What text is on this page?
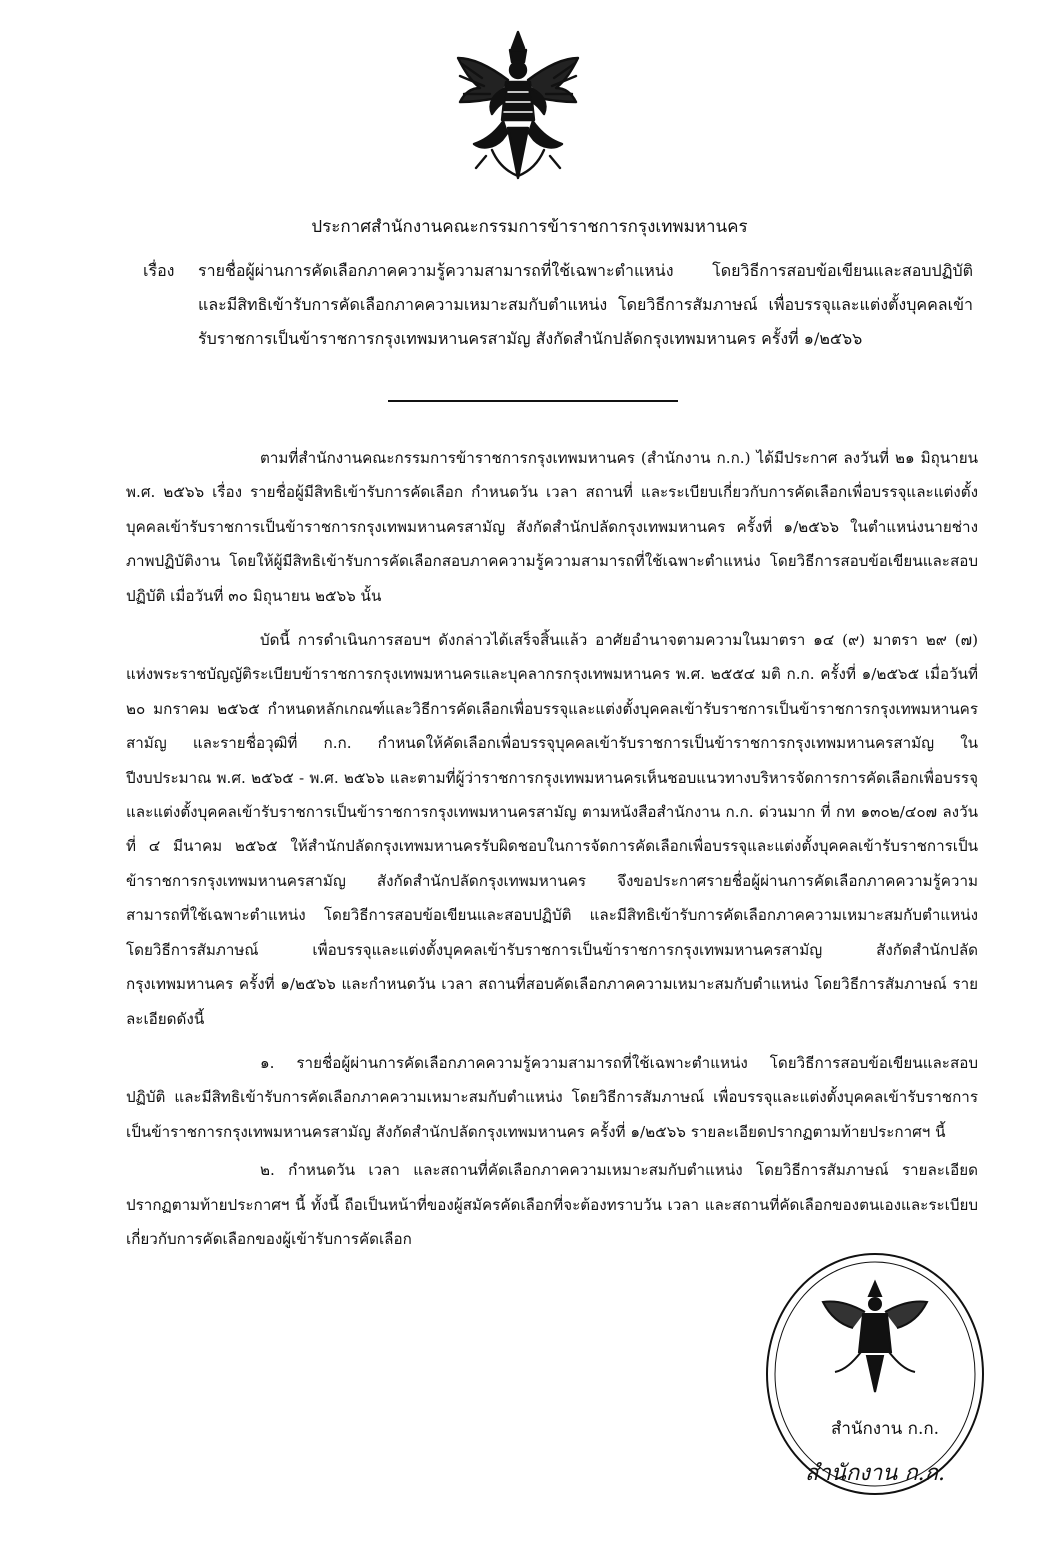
ประกาศสำนักงานคณะกรรมการข้าราชการกรุงเทพมหานคร
เรื่อง	รายชื่อผู้ผ่านการคัดเลือกภาคความรู้ความสามารถที่ใช้เฉพาะตำแหน่ง โดยวิธีการสอบข้อเขียนและสอบปฏิบัติ และมีสิทธิเข้ารับการคัดเลือกภาคความเหมาะสมกับตำแหน่ง โดยวิธีการสัมภาษณ์ เพื่อบรรจุและแต่งตั้งบุคคลเข้ารับราชการเป็นข้าราชการกรุงเทพมหานครสามัญ สังกัดสำนักปลัดกรุงเทพมหานคร ครั้งที่ ๑/๒๕๖๖

ตามที่สำนักงานคณะกรรมการข้าราชการกรุงเทพมหานคร (สำนักงาน ก.ก.) ได้มีประกาศ ลงวันที่ ๒๑ มิถุนายน พ.ศ. ๒๕๖๖ เรื่อง รายชื่อผู้มีสิทธิเข้ารับการคัดเลือก กำหนดวัน เวลา สถานที่ และระเบียบเกี่ยวกับการคัดเลือกเพื่อบรรจุและแต่งตั้งบุคคลเข้ารับราชการเป็นข้าราชการกรุงเทพมหานครสามัญ สังกัดสำนักปลัดกรุงเทพมหานคร ครั้งที่ ๑/๒๕๖๖ ในตำแหน่งนายช่างภาพปฏิบัติงาน โดยให้ผู้มีสิทธิเข้ารับการคัดเลือกสอบภาคความรู้ความสามารถที่ใช้เฉพาะตำแหน่ง โดยวิธีการสอบข้อเขียนและสอบปฏิบัติ เมื่อวันที่ ๓๐ มิถุนายน ๒๕๖๖ นั้น

บัดนี้ การดำเนินการสอบฯ ดังกล่าวได้เสร็จสิ้นแล้ว อาศัยอำนาจตามความในมาตรา ๑๔ (๙) มาตรา ๒๙ (๗) แห่งพระราชบัญญัติระเบียบข้าราชการกรุงเทพมหานครและบุคลากรกรุงเทพมหานคร พ.ศ. ๒๕๕๔ มติ ก.ก. ครั้งที่ ๑/๒๕๖๕ เมื่อวันที่ ๒๐ มกราคม ๒๕๖๕ กำหนดหลักเกณฑ์และวิธีการคัดเลือกเพื่อบรรจุและแต่งตั้งบุคคลเข้ารับราชการเป็นข้าราชการกรุงเทพมหานครสามัญ และรายชื่อวุฒิที่ ก.ก. กำหนดให้คัดเลือกเพื่อบรรจุบุคคลเข้ารับราชการเป็นข้าราชการกรุงเทพมหานครสามัญ ในปีงบประมาณ พ.ศ. ๒๕๖๕ - พ.ศ. ๒๕๖๖ และตามที่ผู้ว่าราชการกรุงเทพมหานครเห็นชอบแนวทางบริหารจัดการการคัดเลือกเพื่อบรรจุและแต่งตั้งบุคคลเข้ารับราชการเป็นข้าราชการกรุงเทพมหานครสามัญ ตามหนังสือสำนักงาน ก.ก. ด่วนมาก ที่ กท ๑๓๐๒/๔๐๗ ลงวันที่ ๔ มีนาคม ๒๕๖๕ ให้สำนักปลัดกรุงเทพมหานครรับผิดชอบในการจัดการคัดเลือกเพื่อบรรจุและแต่งตั้งบุคคลเข้ารับราชการเป็นข้าราชการกรุงเทพมหานครสามัญ สังกัดสำนักปลัดกรุงเทพมหานคร จึงขอประกาศรายชื่อผู้ผ่านการคัดเลือกภาคความรู้ความสามารถที่ใช้เฉพาะตำแหน่ง โดยวิธีการสอบข้อเขียนและสอบปฏิบัติ และมีสิทธิเข้ารับการคัดเลือกภาคความเหมาะสมกับตำแหน่ง โดยวิธีการสัมภาษณ์ เพื่อบรรจุและแต่งตั้งบุคคลเข้ารับราชการเป็นข้าราชการกรุงเทพมหานครสามัญ สังกัดสำนักปลัดกรุงเทพมหานคร ครั้งที่ ๑/๒๕๖๖ และกำหนดวัน เวลา สถานที่สอบคัดเลือกภาคความเหมาะสมกับตำแหน่ง โดยวิธีการสัมภาษณ์ รายละเอียดดังนี้

๑. รายชื่อผู้ผ่านการคัดเลือกภาคความรู้ความสามารถที่ใช้เฉพาะตำแหน่ง โดยวิธีการสอบข้อเขียนและสอบปฏิบัติ และมีสิทธิเข้ารับการคัดเลือกภาคความเหมาะสมกับตำแหน่ง โดยวิธีการสัมภาษณ์ เพื่อบรรจุและแต่งตั้งบุคคลเข้ารับราชการเป็นข้าราชการกรุงเทพมหานครสามัญ สังกัดสำนักปลัดกรุงเทพมหานคร ครั้งที่ ๑/๒๕๖๖ รายละเอียดปรากฏตามท้ายประกาศฯ นี้

๒. กำหนดวัน เวลา และสถานที่คัดเลือกภาคความเหมาะสมกับตำแหน่ง โดยวิธีการสัมภาษณ์ รายละเอียดปรากฏตามท้ายประกาศฯ นี้ ทั้งนี้ ถือเป็นหน้าที่ของผู้สมัครคัดเลือกที่จะต้องทราบวัน เวลา และสถานที่คัดเลือกของตนเองและระเบียบเกี่ยวกับการคัดเลือกของผู้เข้ารับการคัดเลือก

สำนักงาน ก.ก.
สำนักงาน ก.ก.
